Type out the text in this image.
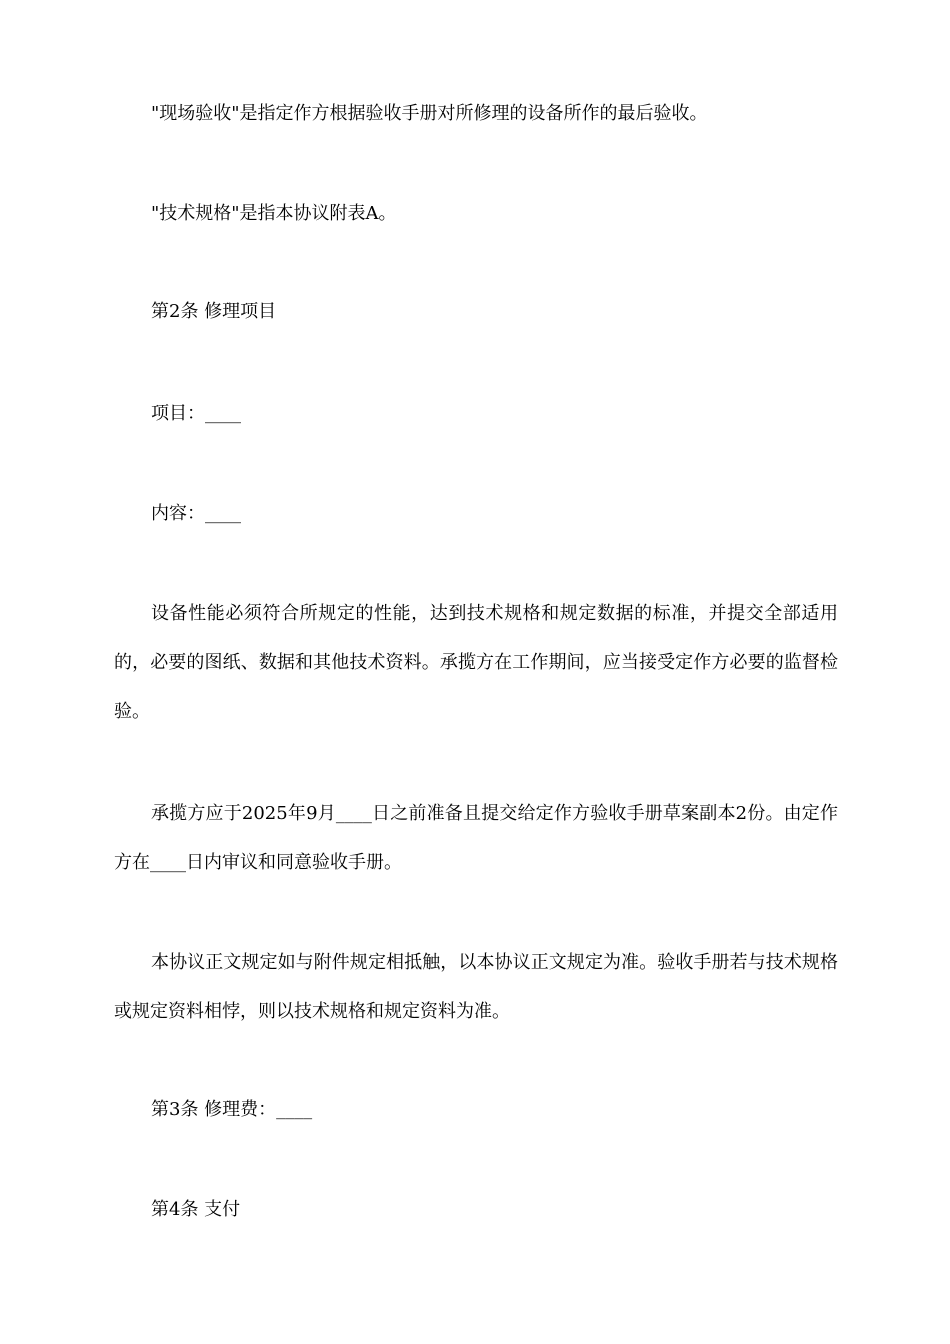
"现场验收"是指定作方根据验收手册对所修理的设备所作的最后验收。
"技术规格"是指本协议附表A。
第2条 修理项目
项目：____
内容：____
设备性能必须符合所规定的性能，达到技术规格和规定数据的标准，并提交全部适用的，必要的图纸、数据和其他技术资料。承揽方在工作期间，应当接受定作方必要的监督检验。
承揽方应于2025年9月____日之前准备且提交给定作方验收手册草案副本2份。由定作方在____日内审议和同意验收手册。
本协议正文规定如与附件规定相抵触，以本协议正文规定为准。验收手册若与技术规格或规定资料相悖，则以技术规格和规定资料为准。
第3条 修理费：____
第4条 支付
